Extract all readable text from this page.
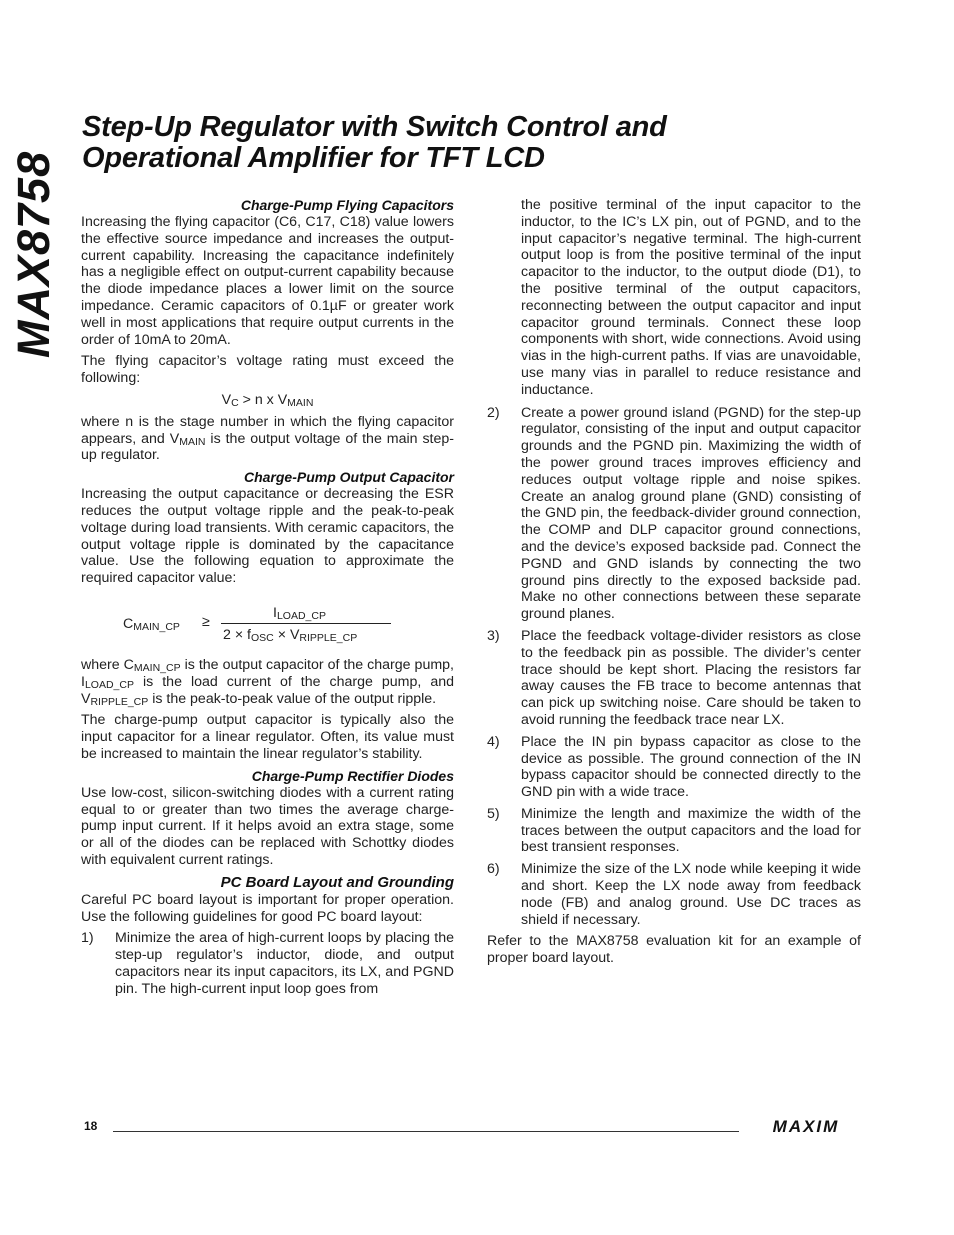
Step-Up Regulator with Switch Control and
Operational Amplifier for TFT LCD
MAX8758	Charge-Pump Flying Capacitors

Increasing the flying capacitor (C6, C17, C18) value lowers the effective source impedance and increases the output-current capability. Increasing the capacitance indefinitely has a negligible effect on output-current capability because the diode impedance places a lower limit on the source impedance. Ceramic capacitors of 0.1µF or greater work well in most applications that require output currents in the order of 10mA to 20mA.

The flying capacitor’s voltage rating must exceed the following:

$V_C > n$ x $V_{MAIN}$

where n is the stage number in which the flying capacitor appears, and $V_{MAIN}$ is the output voltage of the main step-up regulator.

Charge-Pump Output Capacitor

Increasing the output capacitance or decreasing the ESR reduces the output voltage ripple and the peak-to-peak voltage during load transients. With ceramic capacitors, the output voltage ripple is dominated by the capacitance value. Use the following equation to approximate the required capacitor value:

$C_{MAIN\_CP}$ ≥
$I_{LOAD\_CP}$
$2 \times f_{OSC} \times V_{RIPPLE\_CP}$

where $C_{MAIN\_CP}$ is the output capacitor of the charge pump, $I_{LOAD\_CP}$ is the load current of the charge pump, and $V_{RIPPLE\_CP}$ is the peak-to-peak value of the output ripple.

The charge-pump output capacitor is typically also the input capacitor for a linear regulator. Often, its value must be increased to maintain the linear regulator’s stability.

Charge-Pump Rectifier Diodes

Use low-cost, silicon-switching diodes with a current rating equal to or greater than two times the average charge-pump input current. If it helps avoid an extra stage, some or all of the diodes can be replaced with Schottky diodes with equivalent current ratings.

PC Board Layout and Grounding

Careful PC board layout is important for proper operation. Use the following guidelines for good PC board layout:

1) Minimize the area of high-current loops by placing the step-up regulator’s inductor, diode, and output capacitors near its input capacitors, its LX, and PGND pin. The high-current input loop goes from
the positive terminal of the input capacitor to the inductor, to the IC’s LX pin, out of PGND, and to the input capacitor’s negative terminal. The high-current output loop is from the positive terminal of the input capacitor to the inductor, to the output diode (D1), to the positive terminal of the output capacitors, reconnecting between the output capacitor and input capacitor ground terminals. Connect these loop components with short, wide connections. Avoid using vias in the high-current paths. If vias are unavoidable, use many vias in parallel to reduce resistance and inductance.
2) Create a power ground island (PGND) for the step-up regulator, consisting of the input and output capacitor grounds and the PGND pin. Maximizing the width of the power ground traces improves efficiency and reduces output voltage ripple and noise spikes. Create an analog ground plane (GND) consisting of the GND pin, the feedback-divider ground connection, the COMP and DLP capacitor ground connections, and the device’s exposed backside pad. Connect the PGND and GND islands by connecting the two ground pins directly to the exposed backside pad. Make no other connections between these separate ground planes.
3) Place the feedback voltage-divider resistors as close to the feedback pin as possible. The divider’s center trace should be kept short. Placing the resistors far away causes the FB trace to become antennas that can pick up switching noise. Care should be taken to avoid running the feedback trace near LX.
4) Place the IN pin bypass capacitor as close to the device as possible. The ground connection of the IN bypass capacitor should be connected directly to the GND pin with a wide trace.
5) Minimize the length and maximize the width of the traces between the output capacitors and the load for best transient responses.
6) Minimize the size of the LX node while keeping it wide and short. Keep the LX node away from feedback node (FB) and analog ground. Use DC traces as shield if necessary.

Refer to the MAX8758 evaluation kit for an example of proper board layout.

18	MAXIM
